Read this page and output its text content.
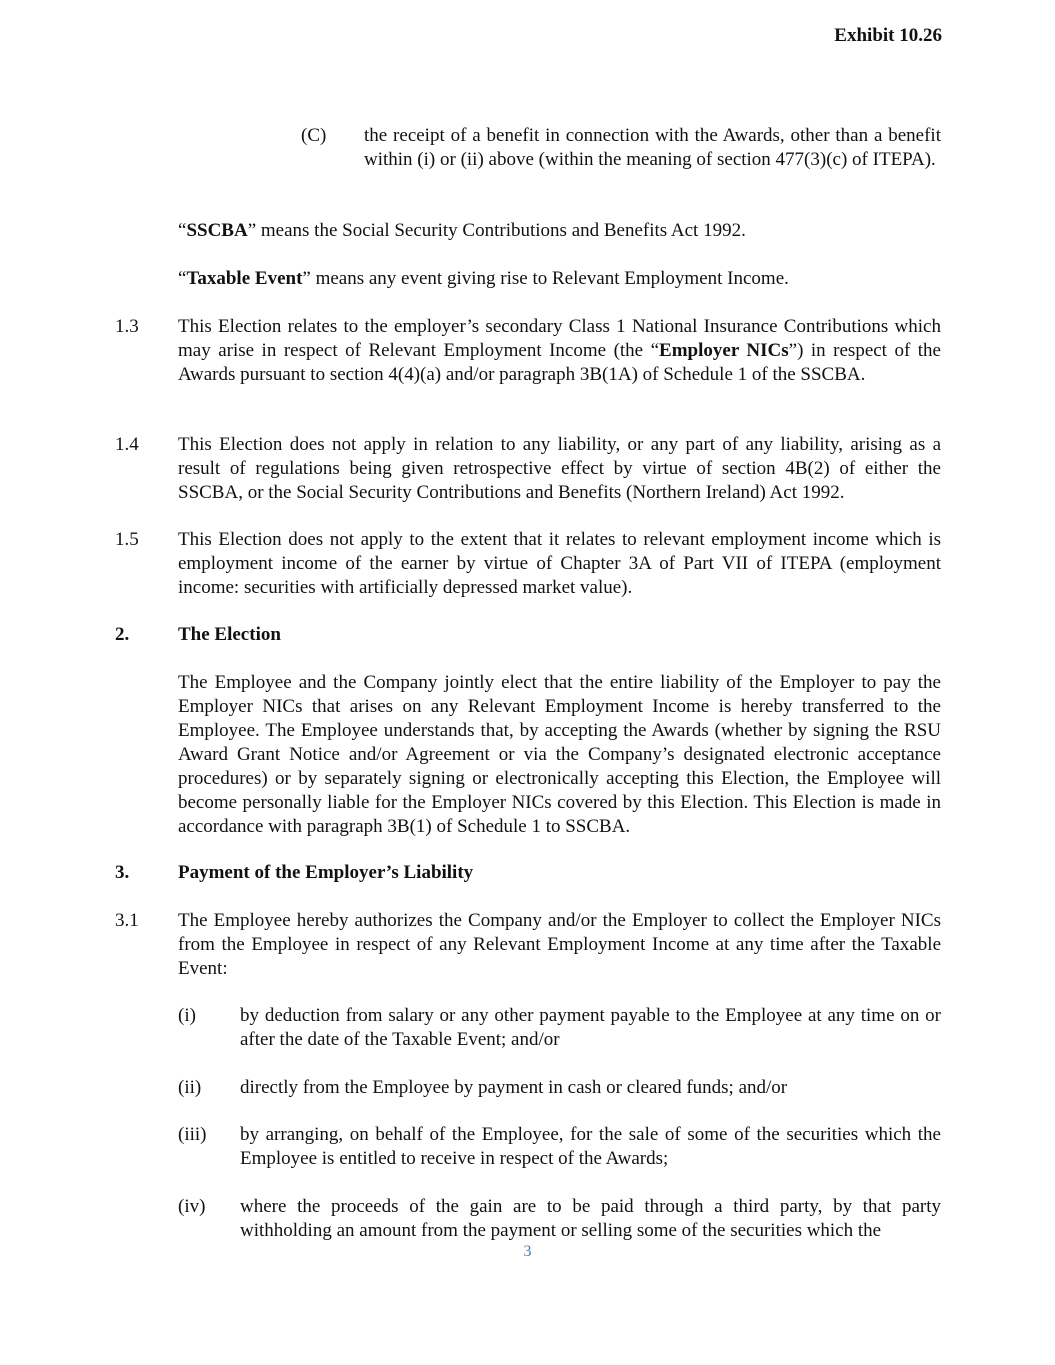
Exhibit 10.26
(C) the receipt of a benefit in connection with the Awards, other than a benefit within (i) or (ii) above (within the meaning of section 477(3)(c) of ITEPA).
“SSCBA” means the Social Security Contributions and Benefits Act 1992.
“Taxable Event” means any event giving rise to Relevant Employment Income.
1.3 This Election relates to the employer’s secondary Class 1 National Insurance Contributions which may arise in respect of Relevant Employment Income (the “Employer NICs”) in respect of the Awards pursuant to section 4(4)(a) and/or paragraph 3B(1A) of Schedule 1 of the SSCBA.
1.4 This Election does not apply in relation to any liability, or any part of any liability, arising as a result of regulations being given retrospective effect by virtue of section 4B(2) of either the SSCBA, or the Social Security Contributions and Benefits (Northern Ireland) Act 1992.
1.5 This Election does not apply to the extent that it relates to relevant employment income which is employment income of the earner by virtue of Chapter 3A of Part VII of ITEPA (employment income: securities with artificially depressed market value).
2.	The Election
The Employee and the Company jointly elect that the entire liability of the Employer to pay the Employer NICs that arises on any Relevant Employment Income is hereby transferred to the Employee. The Employee understands that, by accepting the Awards (whether by signing the RSU Award Grant Notice and/or Agreement or via the Company’s designated electronic acceptance procedures) or by separately signing or electronically accepting this Election, the Employee will become personally liable for the Employer NICs covered by this Election. This Election is made in accordance with paragraph 3B(1) of Schedule 1 to SSCBA.
3.	Payment of the Employer’s Liability
3.1 The Employee hereby authorizes the Company and/or the Employer to collect the Employer NICs from the Employee in respect of any Relevant Employment Income at any time after the Taxable Event:
(i) by deduction from salary or any other payment payable to the Employee at any time on or after the date of the Taxable Event; and/or
(ii) directly from the Employee by payment in cash or cleared funds; and/or
(iii) by arranging, on behalf of the Employee, for the sale of some of the securities which the Employee is entitled to receive in respect of the Awards;
(iv) where the proceeds of the gain are to be paid through a third party, by that party withholding an amount from the payment or selling some of the securities which the
3
